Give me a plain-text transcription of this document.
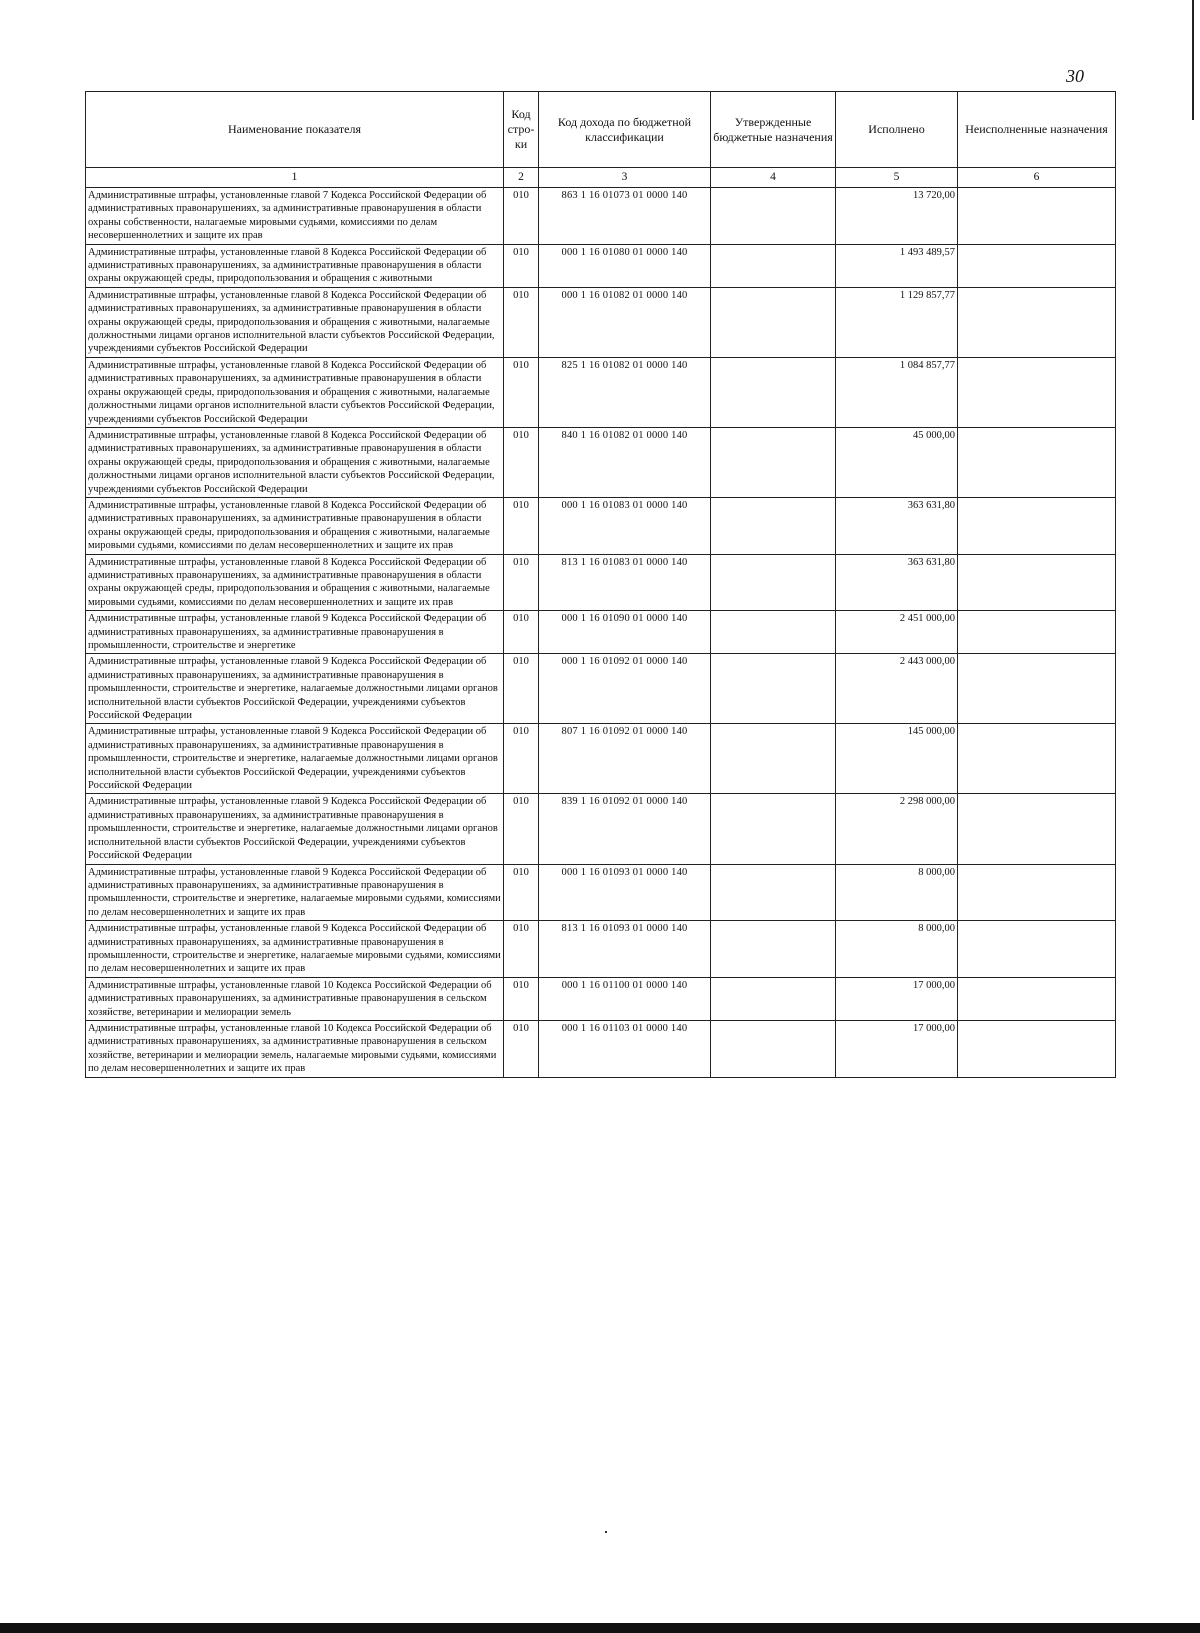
30
Наименование показателя	Код стро-ки	Код дохода по бюджетной классификации	Утвержденные бюджетные назначения	Исполнено	Неисполненные назначения
1	2	3	4	5	6
Административные штрафы, установленные главой 7 Кодекса Российской Федерации об административных правонарушениях, за административные правонарушения в области охраны собственности, налагаемые мировыми судьями, комиссиями по делам несовершеннолетних и защите их прав	010	863 1 16 01073 01 0000 140		13 720,00	
Административные штрафы, установленные главой 8 Кодекса Российской Федерации об административных правонарушениях, за административные правонарушения в области охраны окружающей среды, природопользования и обращения с животными	010	000 1 16 01080 01 0000 140		1 493 489,57	
Административные штрафы, установленные главой 8 Кодекса Российской Федерации об административных правонарушениях, за административные правонарушения в области охраны окружающей среды, природопользования и обращения с животными, налагаемые должностными лицами органов исполнительной власти субъектов Российской Федерации, учреждениями субъектов Российской Федерации	010	000 1 16 01082 01 0000 140		1 129 857,77	
Административные штрафы, установленные главой 8 Кодекса Российской Федерации об административных правонарушениях, за административные правонарушения в области охраны окружающей среды, природопользования и обращения с животными, налагаемые должностными лицами органов исполнительной власти субъектов Российской Федерации, учреждениями субъектов Российской Федерации	010	825 1 16 01082 01 0000 140		1 084 857,77	
Административные штрафы, установленные главой 8 Кодекса Российской Федерации об административных правонарушениях, за административные правонарушения в области охраны окружающей среды, природопользования и обращения с животными, налагаемые должностными лицами органов исполнительной власти субъектов Российской Федерации, учреждениями субъектов Российской Федерации	010	840 1 16 01082 01 0000 140		45 000,00	
Административные штрафы, установленные главой 8 Кодекса Российской Федерации об административных правонарушениях, за административные правонарушения в области охраны окружающей среды, природопользования и обращения с животными, налагаемые мировыми судьями, комиссиями по делам несовершеннолетних и защите их прав	010	000 1 16 01083 01 0000 140		363 631,80	
Административные штрафы, установленные главой 8 Кодекса Российской Федерации об административных правонарушениях, за административные правонарушения в области охраны окружающей среды, природопользования и обращения с животными, налагаемые мировыми судьями, комиссиями по делам несовершеннолетних и защите их прав	010	813 1 16 01083 01 0000 140		363 631,80	
Административные штрафы, установленные главой 9 Кодекса Российской Федерации об административных правонарушениях, за административные правонарушения в промышленности, строительстве и энергетике	010	000 1 16 01090 01 0000 140		2 451 000,00	
Административные штрафы, установленные главой 9 Кодекса Российской Федерации об административных правонарушениях, за административные правонарушения в промышленности, строительстве и энергетике, налагаемые должностными лицами органов исполнительной власти субъектов Российской Федерации, учреждениями субъектов Российской Федерации	010	000 1 16 01092 01 0000 140		2 443 000,00	
Административные штрафы, установленные главой 9 Кодекса Российской Федерации об административных правонарушениях, за административные правонарушения в промышленности, строительстве и энергетике, налагаемые должностными лицами органов исполнительной власти субъектов Российской Федерации, учреждениями субъектов Российской Федерации	010	807 1 16 01092 01 0000 140		145 000,00	
Административные штрафы, установленные главой 9 Кодекса Российской Федерации об административных правонарушениях, за административные правонарушения в промышленности, строительстве и энергетике, налагаемые должностными лицами органов исполнительной власти субъектов Российской Федерации, учреждениями субъектов Российской Федерации	010	839 1 16 01092 01 0000 140		2 298 000,00	
Административные штрафы, установленные главой 9 Кодекса Российской Федерации об административных правонарушениях, за административные правонарушения в промышленности, строительстве и энергетике, налагаемые мировыми судьями, комиссиями по делам несовершеннолетних и защите их прав	010	000 1 16 01093 01 0000 140		8 000,00	
Административные штрафы, установленные главой 9 Кодекса Российской Федерации об административных правонарушениях, за административные правонарушения в промышленности, строительстве и энергетике, налагаемые мировыми судьями, комиссиями по делам несовершеннолетних и защите их прав	010	813 1 16 01093 01 0000 140		8 000,00	
Административные штрафы, установленные главой 10 Кодекса Российской Федерации об административных правонарушениях, за административные правонарушения в сельском хозяйстве, ветеринарии и мелиорации земель	010	000 1 16 01100 01 0000 140		17 000,00	
Административные штрафы, установленные главой 10 Кодекса Российской Федерации об административных правонарушениях, за административные правонарушения в сельском хозяйстве, ветеринарии и мелиорации земель, налагаемые мировыми судьями, комиссиями по делам несовершеннолетних и защите их прав	010	000 1 16 01103 01 0000 140		17 000,00	
